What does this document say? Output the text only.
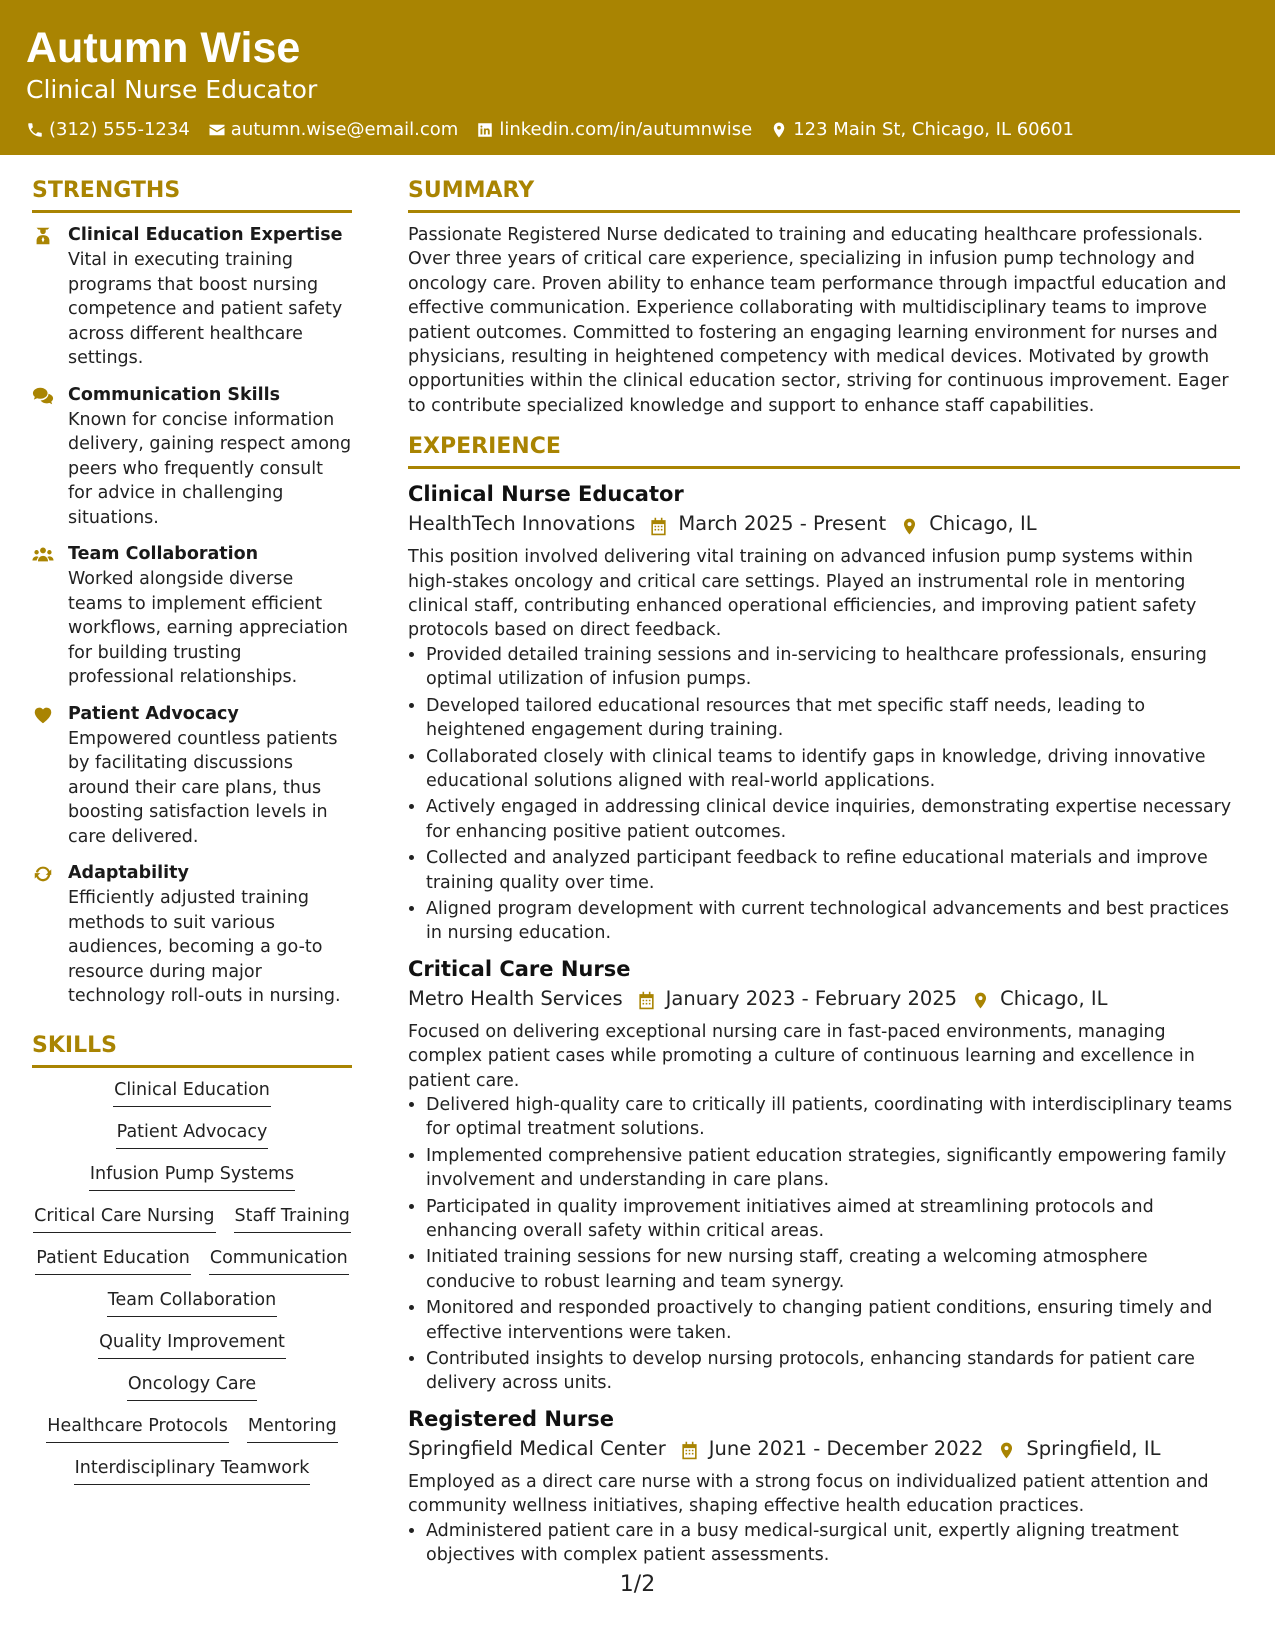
Autumn Wise
Clinical Nurse Educator
(312) 555-1234 autumn.wise@email.com linkedin.com/in/autumnwise 123 Main St, Chicago, IL 60601
STRENGTHS
Clinical Education Expertise
Vital in executing training programs that boost nursing competence and patient safety across different healthcare settings.
Communication Skills
Known for concise information delivery, gaining respect among peers who frequently consult for advice in challenging situations.
Team Collaboration
Worked alongside diverse teams to implement efficient workflows, earning appreciation for building trusting professional relationships.
Patient Advocacy
Empowered countless patients by facilitating discussions around their care plans, thus boosting satisfaction levels in care delivered.
Adaptability
Efficiently adjusted training methods to suit various audiences, becoming a go-to resource during major technology roll-outs in nursing.
SKILLS
Clinical Education
Patient Advocacy
Infusion Pump Systems
Critical Care Nursing Staff Training
Patient Education Communication
Team Collaboration
Quality Improvement
Oncology Care
Healthcare Protocols Mentoring
Interdisciplinary Teamwork
SUMMARY
Passionate Registered Nurse dedicated to training and educating healthcare professionals. Over three years of critical care experience, specializing in infusion pump technology and oncology care. Proven ability to enhance team performance through impactful education and effective communication. Experience collaborating with multidisciplinary teams to improve patient outcomes. Committed to fostering an engaging learning environment for nurses and physicians, resulting in heightened competency with medical devices. Motivated by growth opportunities within the clinical education sector, striving for continuous improvement. Eager to contribute specialized knowledge and support to enhance staff capabilities.
EXPERIENCE
Clinical Nurse Educator
HealthTech Innovations March 2025 - Present Chicago, IL
This position involved delivering vital training on advanced infusion pump systems within high-stakes oncology and critical care settings. Played an instrumental role in mentoring clinical staff, contributing enhanced operational efficiencies, and improving patient safety protocols based on direct feedback.
• Provided detailed training sessions and in-servicing to healthcare professionals, ensuring optimal utilization of infusion pumps.
• Developed tailored educational resources that met specific staff needs, leading to heightened engagement during training.
• Collaborated closely with clinical teams to identify gaps in knowledge, driving innovative educational solutions aligned with real-world applications.
• Actively engaged in addressing clinical device inquiries, demonstrating expertise necessary for enhancing positive patient outcomes.
• Collected and analyzed participant feedback to refine educational materials and improve training quality over time.
• Aligned program development with current technological advancements and best practices in nursing education.
Critical Care Nurse
Metro Health Services January 2023 - February 2025 Chicago, IL
Focused on delivering exceptional nursing care in fast-paced environments, managing complex patient cases while promoting a culture of continuous learning and excellence in patient care.
• Delivered high-quality care to critically ill patients, coordinating with interdisciplinary teams for optimal treatment solutions.
• Implemented comprehensive patient education strategies, significantly empowering family involvement and understanding in care plans.
• Participated in quality improvement initiatives aimed at streamlining protocols and enhancing overall safety within critical areas.
• Initiated training sessions for new nursing staff, creating a welcoming atmosphere conducive to robust learning and team synergy.
• Monitored and responded proactively to changing patient conditions, ensuring timely and effective interventions were taken.
• Contributed insights to develop nursing protocols, enhancing standards for patient care delivery across units.
Registered Nurse
Springfield Medical Center June 2021 - December 2022 Springfield, IL
Employed as a direct care nurse with a strong focus on individualized patient attention and community wellness initiatives, shaping effective health education practices.
• Administered patient care in a busy medical-surgical unit, expertly aligning treatment objectives with complex patient assessments.
1/2
